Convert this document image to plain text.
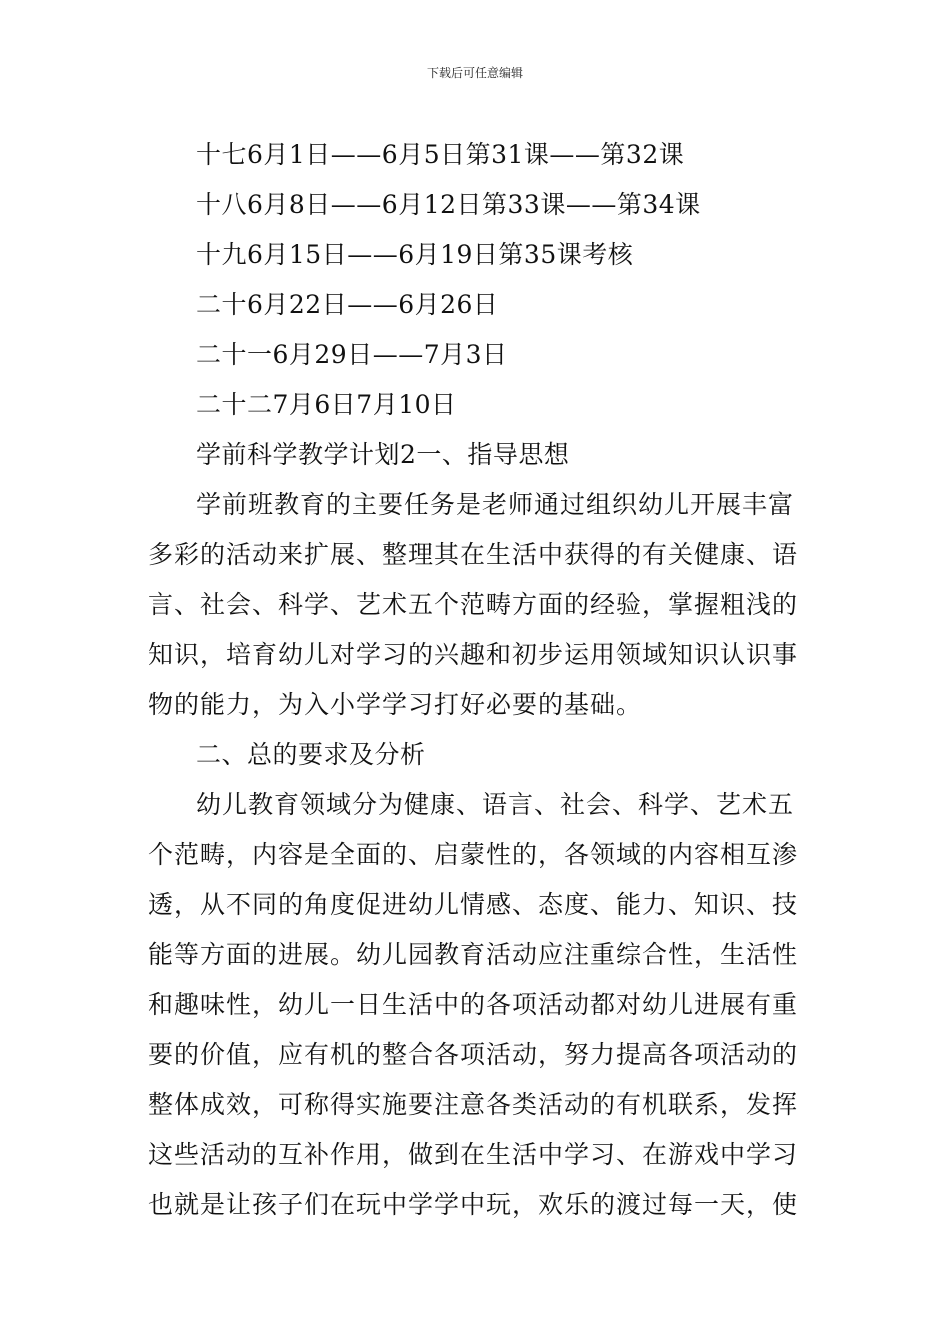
下载后可任意编辑
十七6月1日——6月5日第31课——第32课
十八6月8日——6月12日第33课——第34课
十九6月15日——6月19日第35课考核
二十6月22日——6月26日
二十一6月29日——7月3日
二十二7月6日7月10日
学前科学教学计划2一、指导思想
学前班教育的主要任务是老师通过组织幼儿开展丰富
多彩的活动来扩展、整理其在生活中获得的有关健康、语
言、社会、科学、艺术五个范畴方面的经验，掌握粗浅的
知识，培育幼儿对学习的兴趣和初步运用领域知识认识事
物的能力，为入小学学习打好必要的基础。
二、总的要求及分析
幼儿教育领域分为健康、语言、社会、科学、艺术五
个范畴，内容是全面的、启蒙性的，各领域的内容相互渗
透，从不同的角度促进幼儿情感、态度、能力、知识、技
能等方面的进展。幼儿园教育活动应注重综合性，生活性
和趣味性，幼儿一日生活中的各项活动都对幼儿进展有重
要的价值，应有机的整合各项活动，努力提高各项活动的
整体成效，可称得实施要注意各类活动的有机联系，发挥
这些活动的互补作用，做到在生活中学习、在游戏中学习
也就是让孩子们在玩中学学中玩，欢乐的渡过每一天，使
